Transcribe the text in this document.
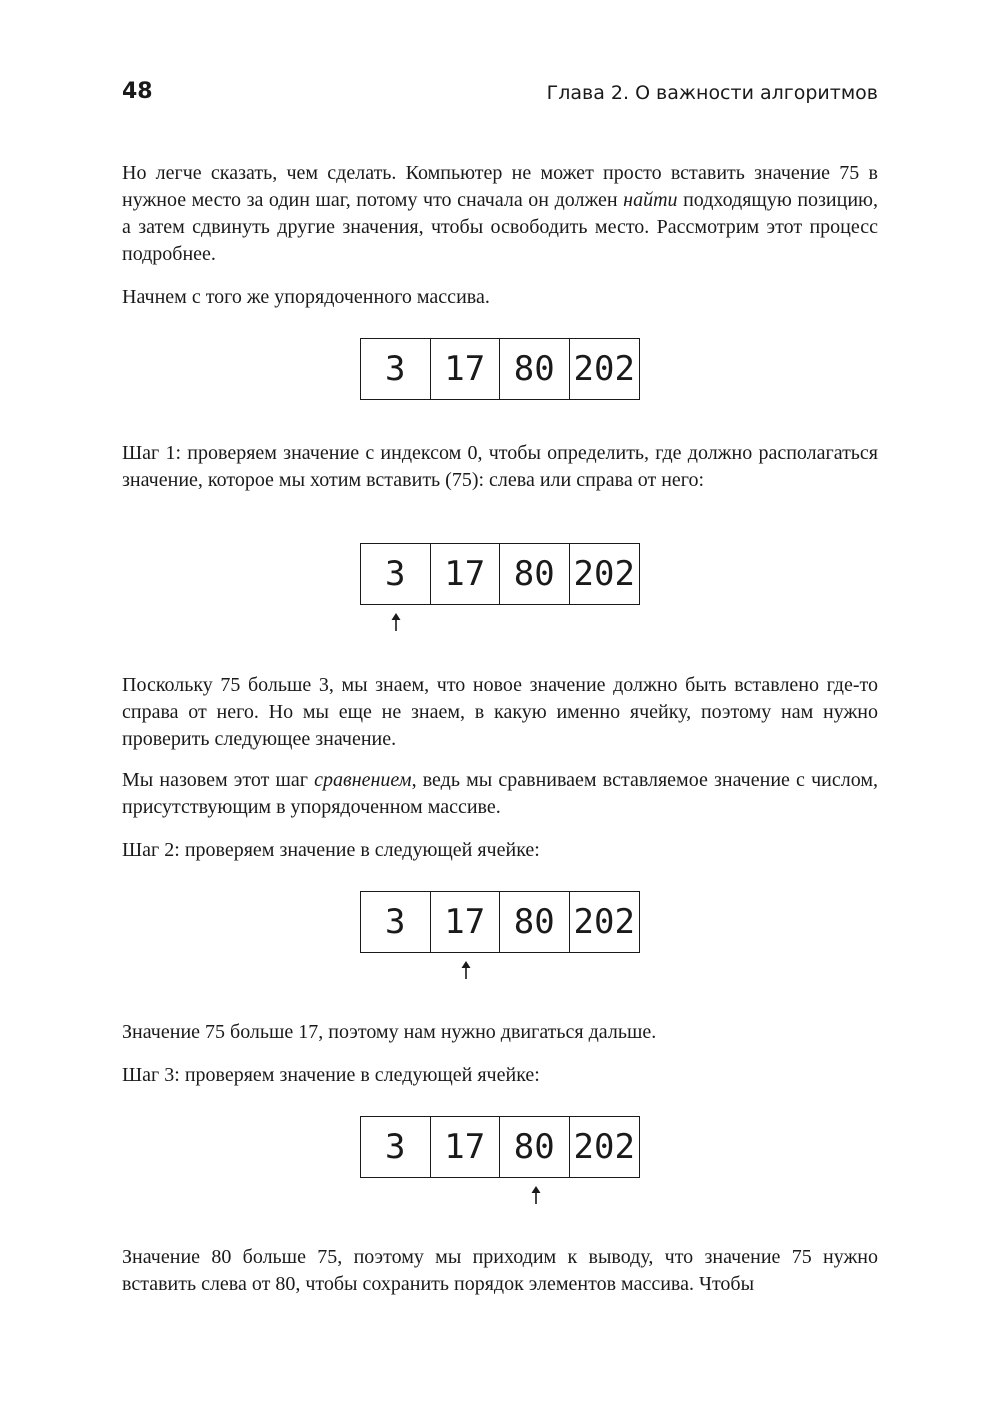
48	Глава 2. О важности алгоритмов

Но легче сказать, чем сделать. Компьютер не может просто вставить значение 75 в нужное место за один шаг, потому что сначала он должен найти подходящую позицию, а затем сдвинуть другие значения, чтобы освободить место. Рассмотрим этот процесс подробнее.

Начнем с того же упорядоченного массива.

3	17 80 202

Шаг 1: проверяем значение с индексом 0, чтобы определить, где должно располагаться значение, которое мы хотим вставить (75): слева или справа от него:

3	17 80 202

Поскольку 75 больше 3, мы знаем, что новое значение должно быть вставлено где-то справа от него. Но мы еще не знаем, в какую именно ячейку, поэтому нам нужно проверить следующее значение.

Мы назовем этот шаг сравнением, ведь мы сравниваем вставляемое значение с числом, присутствующим в упорядоченном массиве.

Шаг 2: проверяем значение в следующей ячейке:

3	17 80 202

Значение 75 больше 17, поэтому нам нужно двигаться дальше.

Шаг 3: проверяем значение в следующей ячейке:

3	17 80 202

Значение 80 больше 75, поэтому мы приходим к выводу, что значение 75 нужно вставить слева от 80, чтобы сохранить порядок элементов массива. Чтобы
